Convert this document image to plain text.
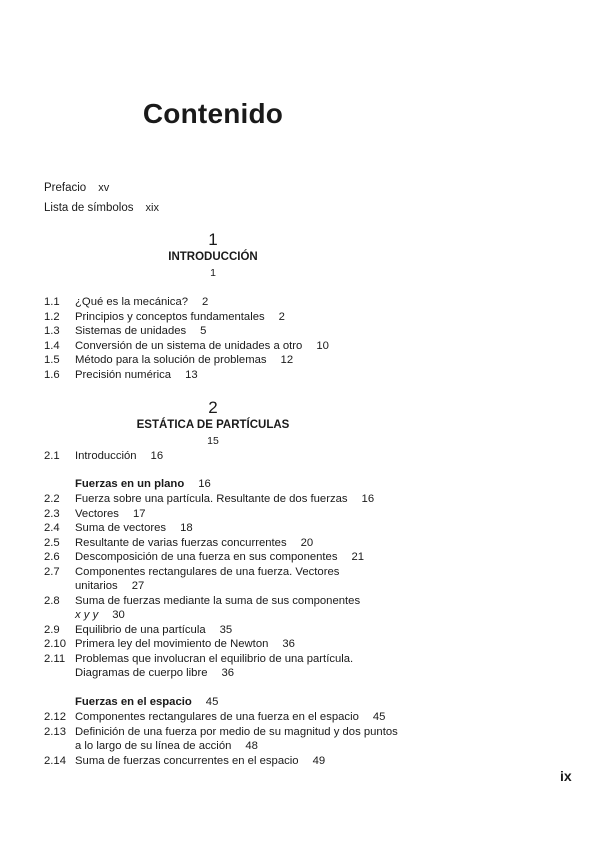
Contenido
Prefacio xv
Lista de símbolos xix
1
INTRODUCCIÓN
1
1.1	¿Qué es la mecánica? 2
1.2	Principios y conceptos fundamentales 2
1.3	Sistemas de unidades 5
1.4	Conversión de un sistema de unidades a otro 10
1.5	Método para la solución de problemas 12
1.6	Precisión numérica 13
2
ESTÁTICA DE PARTÍCULAS
15
2.1	Introducción 16
Fuerzas en un plano 16
2.2	Fuerza sobre una partícula. Resultante de dos fuerzas 16
2.3	Vectores 17
2.4	Suma de vectores 18
2.5	Resultante de varias fuerzas concurrentes 20
2.6	Descomposición de una fuerza en sus componentes 21
2.7	Componentes rectangulares de una fuerza. Vectores
unitarios 27
2.8	Suma de fuerzas mediante la suma de sus componentes
x y y 30
2.9	Equilibrio de una partícula 35
2.10 Primera ley del movimiento de Newton 36
2.11 Problemas que involucran el equilibrio de una partícula.
Diagramas de cuerpo libre 36
Fuerzas en el espacio 45
2.12 Componentes rectangulares de una fuerza en el espacio 45
2.13 Definición de una fuerza por medio de su magnitud y dos puntos
a lo largo de su línea de acción 48
2.14 Suma de fuerzas concurrentes en el espacio 49
ix
